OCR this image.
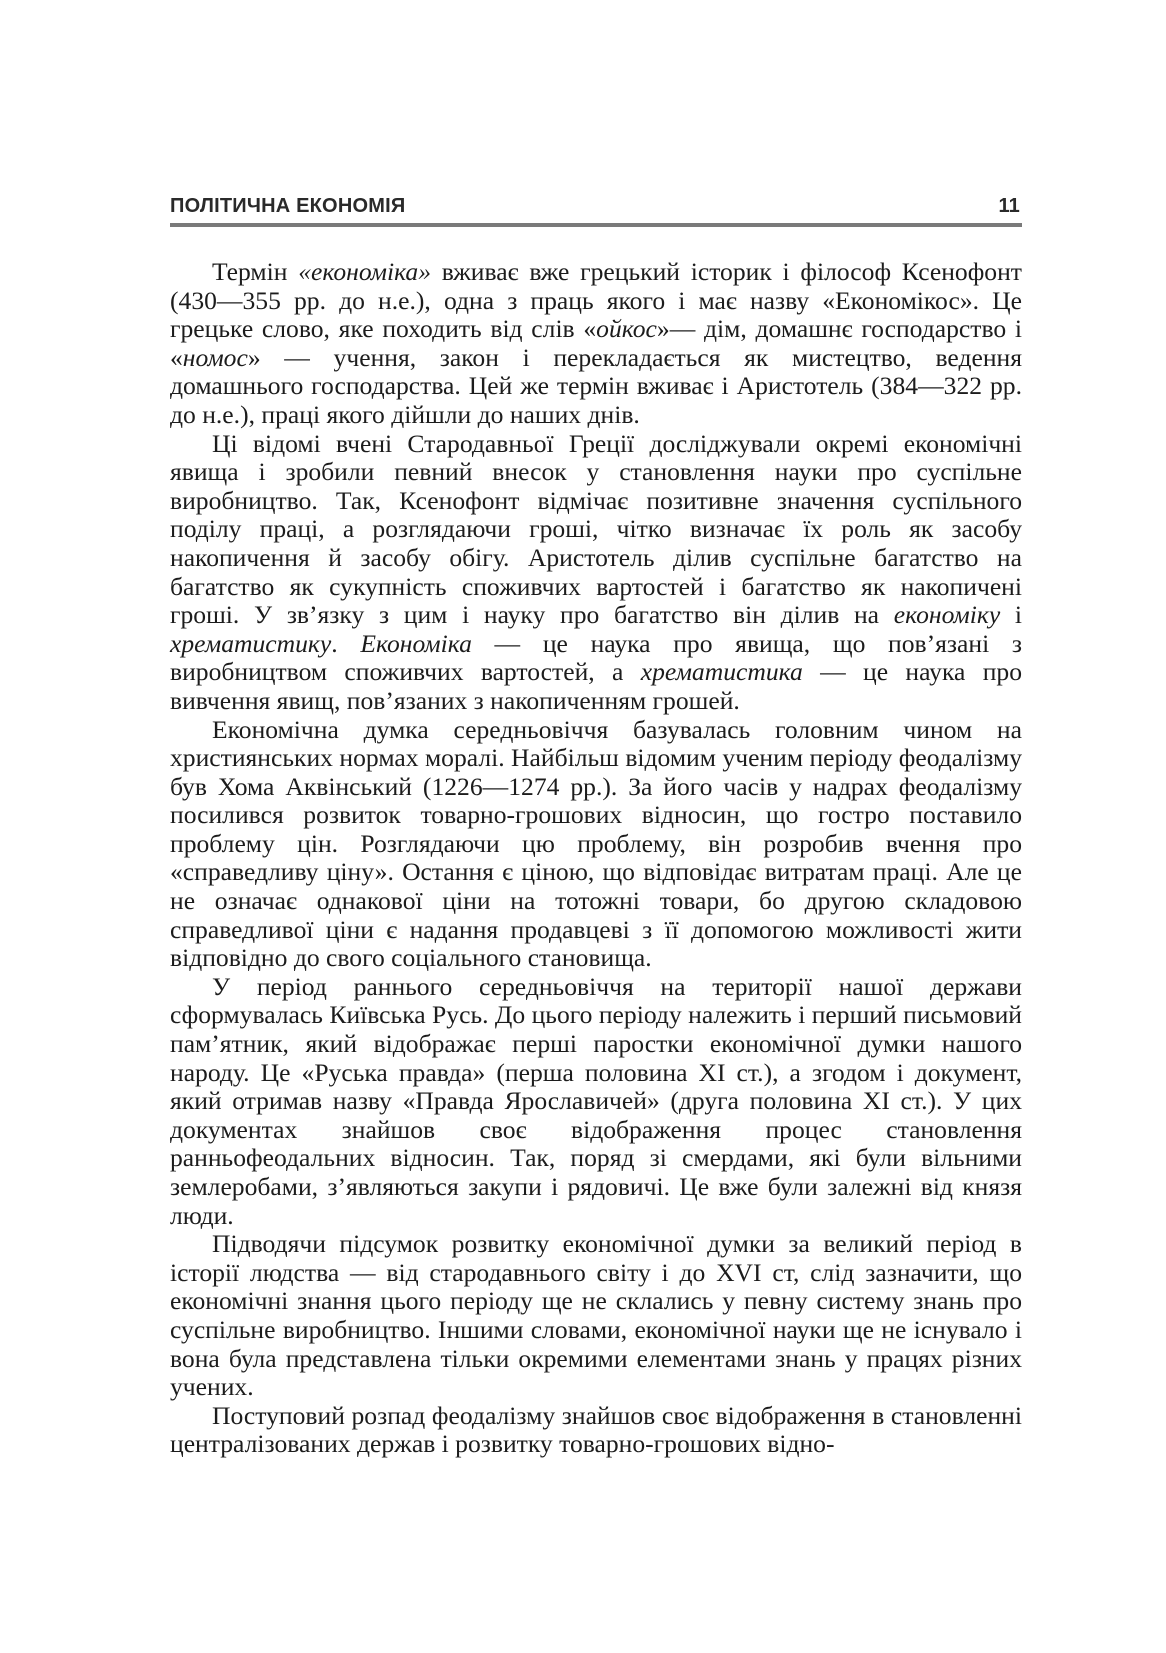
ПОЛІТИЧНА ЕКОНОМІЯ	11

Термін «економіка» вживає вже грецький історик і філософ Ксенофонт (430—355 рр. до н.е.), одна з праць якого і має назву «Економікос». Це грецьке слово, яке походить від слів «ойкос»— дім, домашнє господарство і «номос» — учення, закон і перекладається як мистецтво, ведення домашнього господарства. Цей же термін вживає і Аристотель (384—322 рр. до н.е.), праці якого дійшли до наших днів.

Ці відомі вчені Стародавньої Греції досліджували окремі економічні явища і зробили певний внесок у становлення науки про суспільне виробництво. Так, Ксенофонт відмічає позитивне значення суспільного поділу праці, а розглядаючи гроші, чітко визначає їх роль як засобу накопичення й засобу обігу. Аристотель ділив суспільне багатство на багатство як сукупність споживчих вартостей і багатство як накопичені гроші. У зв’язку з цим і науку про багатство він ділив на економіку і хрематистику. Економіка — це наука про явища, що пов’язані з виробництвом споживчих вартостей, а хрематистика — це наука про вивчення явищ, пов’язаних з накопиченням грошей.

Економічна думка середньовіччя базувалась головним чином на християнських нормах моралі. Найбільш відомим ученим періоду феодалізму був Хома Аквінський (1226—1274 рр.). За його часів у надрах феодалізму посилився розвиток товарно-грошових відносин, що гостро поставило проблему цін. Розглядаючи цю проблему, він розробив вчення про «справедливу ціну». Остання є ціною, що відповідає витратам праці. Але це не означає однакової ціни на тотожні товари, бо другою складовою справедливої ціни є надання продавцеві з її допомогою можливості жити відповідно до свого соціального становища.

У період раннього середньовіччя на території нашої держави сформувалась Київська Русь. До цього періоду належить і перший письмовий пам’ятник, який відображає перші паростки економічної думки нашого народу. Це «Руська правда» (перша половина XI ст.), а згодом і документ, який отримав назву «Правда Ярославичей» (друга половина XI ст.). У цих документах знайшов своє відображення процес становлення ранньофеодальних відносин. Так, поряд зі смердами, які були вільними землеробами, з’являються закупи і рядовичі. Це вже були залежні від князя люди.

Підводячи підсумок розвитку економічної думки за великий період в історії людства — від стародавнього світу і до XVI ст, слід зазначити, що економічні знання цього періоду ще не склались у певну систему знань про суспільне виробництво. Іншими словами, економічної науки ще не існувало і вона була представлена тільки окремими елементами знань у працях різних учених.

Поступовий розпад феодалізму знайшов своє відображення в становленні централізованих держав і розвитку товарно-грошових відно-
